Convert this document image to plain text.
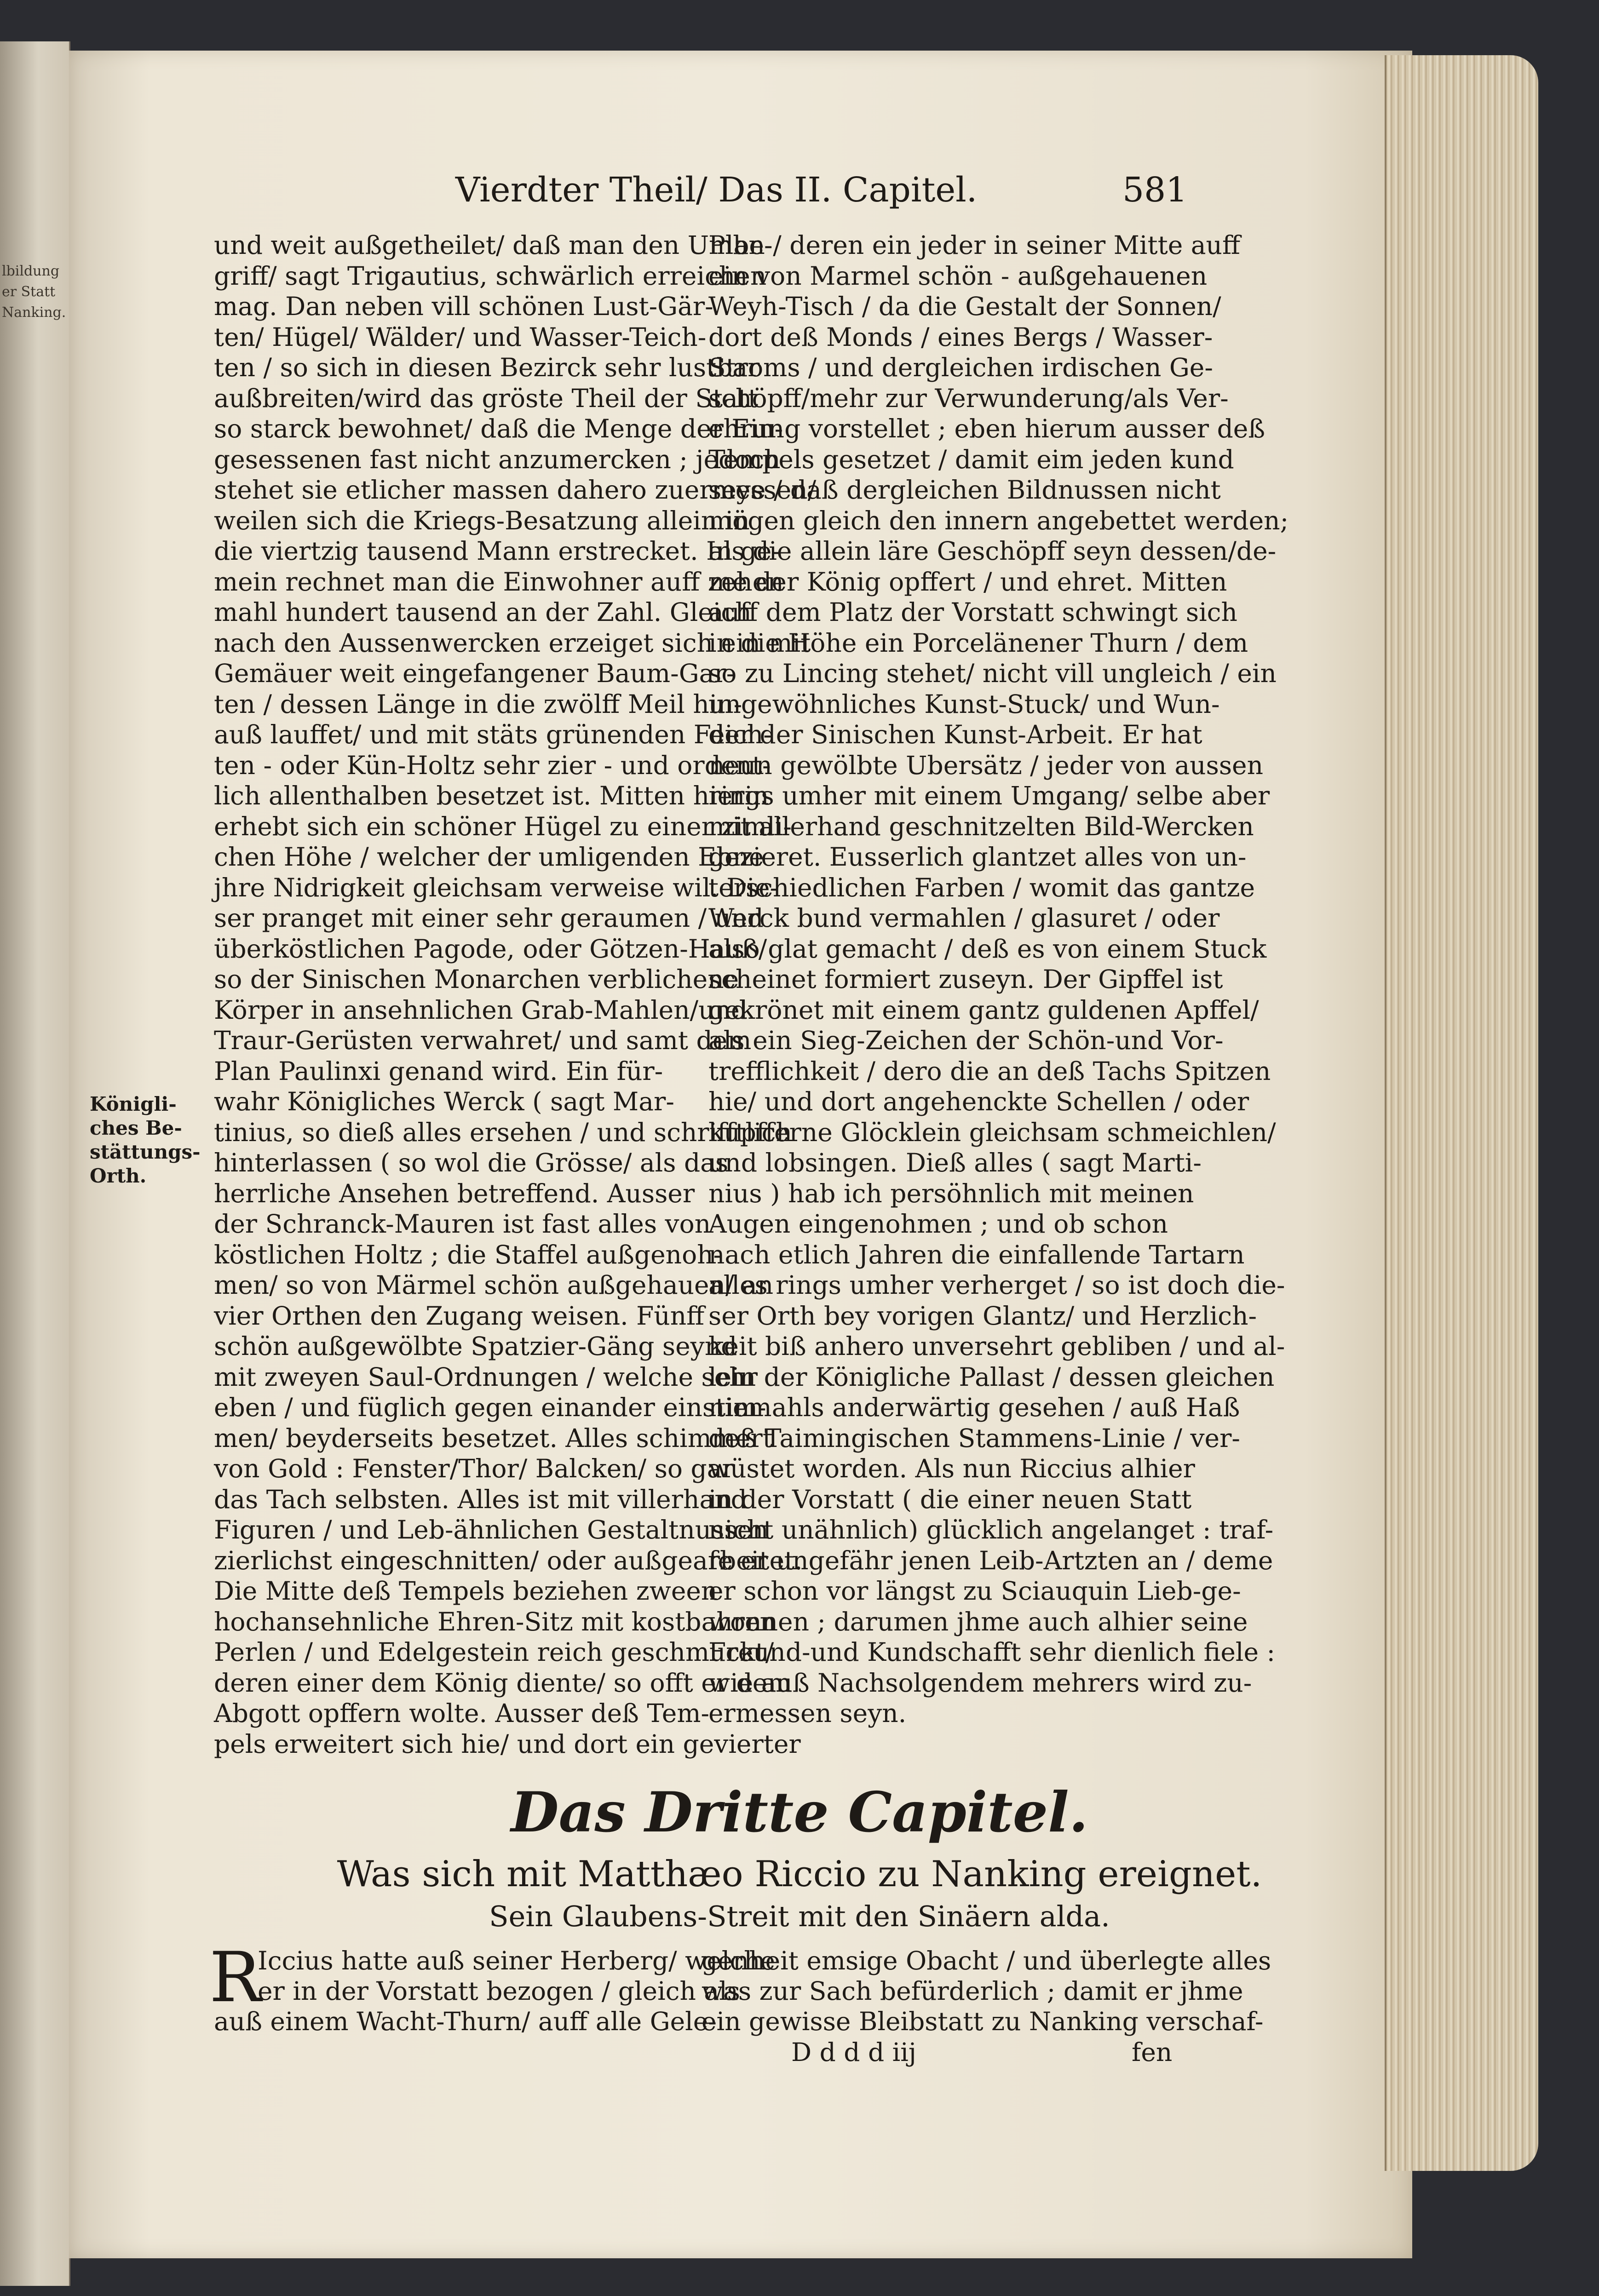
lbildung
er Statt
Nanking.
Vierdter Theil/ Das II. Capitel.	581
Königli-
ches Be-
stättungs-
Orth.
und weit außgetheilet/ daß man den Umbe-
griff/ sagt Trigautius, schwärlich erreichen
mag. Dan neben vill schönen Lust-Gär-
ten/ Hügel/ Wälder/ und Wasser-Teich-
ten / so sich in diesen Bezirck sehr lustbar
außbreiten/wird das gröste Theil der Statt
so starck bewohnet/ daß die Menge der Ein-
gesessenen fast nicht anzumercken ; jedoch
stehet sie etlicher massen dahero zuermessen/
weilen sich die Kriegs-Besatzung allein in
die viertzig tausend Mann erstrecket. In ge-
mein rechnet man die Einwohner auff zehen
mahl hundert tausend an der Zahl. Gleich
nach den Aussenwercken erzeiget sich ein mit
Gemäuer weit eingefangener Baum-Gar-
ten / dessen Länge in die zwölff Meil hin-
auß lauffet/ und mit stäts grünenden Feich-
ten - oder Kün-Holtz sehr zier - und ordent-
lich allenthalben besetzet ist. Mitten hierin
erhebt sich ein schöner Hügel zu einer zimli-
chen Höhe / welcher der umligenden Ebne
jhre Nidrigkeit gleichsam verweise wil. Die-
ser pranget mit einer sehr geraumen / und
überköstlichen Pagode, oder Götzen-Hauß/
so der Sinischen Monarchen verblichene
Körper in ansehnlichen Grab-Mahlen/und
Traur-Gerüsten verwahret/ und samt dem
Plan Paulinxi genand wird. Ein für-
wahr Königliches Werck ( sagt Mar-
tinius, so dieß alles ersehen / und schrifftlich
hinterlassen ( so wol die Grösse/ als das
herrliche Ansehen betreffend. Ausser
der Schranck-Mauren ist fast alles von
köstlichen Holtz ; die Staffel außgenoh-
men/ so von Märmel schön außgehauen/ an
vier Orthen den Zugang weisen. Fünff
schön außgewölbte Spatzier-Gäng seynd
mit zweyen Saul-Ordnungen / welche sehr
eben / und füglich gegen einander einstim-
men/ beyderseits besetzet. Alles schimmert
von Gold : Fenster/Thor/ Balcken/ so gar
das Tach selbsten. Alles ist mit villerhand
Figuren / und Leb-ähnlichen Gestaltnussen
zierlichst eingeschnitten/ oder außgearbeitet.
Die Mitte deß Tempels beziehen zween
hochansehnliche Ehren-Sitz mit kostbahren
Perlen / und Edelgestein reich geschmuckt/
deren einer dem König diente/ so offt er dem
Abgott opffern wolte. Ausser deß Tem-
pels erweitert sich hie/ und dort ein gevierter
Plan / deren ein jeder in seiner Mitte auff
ein von Marmel schön - außgehauenen
Weyh-Tisch / da die Gestalt der Sonnen/
dort deß Monds / eines Bergs / Wasser-
Stroms / und dergleichen irdischen Ge-
schöpff/mehr zur Verwunderung/als Ver-
ehrung vorstellet ; eben hierum ausser deß
Tempels gesetzet / damit eim jeden kund
seye / daß dergleichen Bildnussen nicht
mögen gleich den innern angebettet werden;
als die allein läre Geschöpff seyn dessen/de-
me der König opffert / und ehret. Mitten
auff dem Platz der Vorstatt schwingt sich
in die Höhe ein Porcelänener Thurn / dem
so zu Lincing stehet/ nicht vill ungleich / ein
ungewöhnliches Kunst-Stuck/ und Wun-
der der Sinischen Kunst-Arbeit. Er hat
neun gewölbte Ubersätz / jeder von aussen
rings umher mit einem Umgang/ selbe aber
mit allerhand geschnitzelten Bild-Wercken
gezieret. Eusserlich glantzet alles von un-
terschiedlichen Farben / womit das gantze
Werck bund vermahlen / glasuret / oder
also glat gemacht / deß es von einem Stuck
scheinet formiert zuseyn. Der Gipffel ist
gekrönet mit einem gantz guldenen Apffel/
als ein Sieg-Zeichen der Schön-und Vor-
trefflichkeit / dero die an deß Tachs Spitzen
hie/ und dort angehenckte Schellen / oder
kupfferne Glöcklein gleichsam schmeichlen/
und lobsingen. Dieß alles ( sagt Marti-
nius ) hab ich persöhnlich mit meinen
Augen eingenohmen ; und ob schon
nach etlich Jahren die einfallende Tartarn
alles rings umher verherget / so ist doch die-
ser Orth bey vorigen Glantz/ und Herzlich-
keit biß anhero unversehrt gebliben / und al-
lein der Königliche Pallast / dessen gleichen
niemahls anderwärtig gesehen / auß Haß
deß Taimingischen Stammens-Linie / ver-
wüstet worden. Als nun Riccius alhier
in der Vorstatt ( die einer neuen Statt
nicht unähnlich) glücklich angelanget : traf-
fe er ungefähr jenen Leib-Artzten an / deme
er schon vor längst zu Sciauquin Lieb-ge-
wonnen ; darumen jhme auch alhier seine
Freund-und Kundschafft sehr dienlich fiele :
wie auß Nachsolgendem mehrers wird zu-
ermessen seyn.
Das Dritte Capitel.
Was sich mit Matthæo Riccio zu Nanking ereignet.
Sein Glaubens-Streit mit den Sinäern alda.
R
Iccius hatte auß seiner Herberg/ welche
er in der Vorstatt bezogen / gleich als
auß einem Wacht-Thurn/ auff alle Gele-
genheit emsige Obacht / und überlegte alles
was zur Sach befürderlich ; damit er jhme
ein gewisse Bleibstatt zu Nanking verschaf-
D d d d iij	fen
